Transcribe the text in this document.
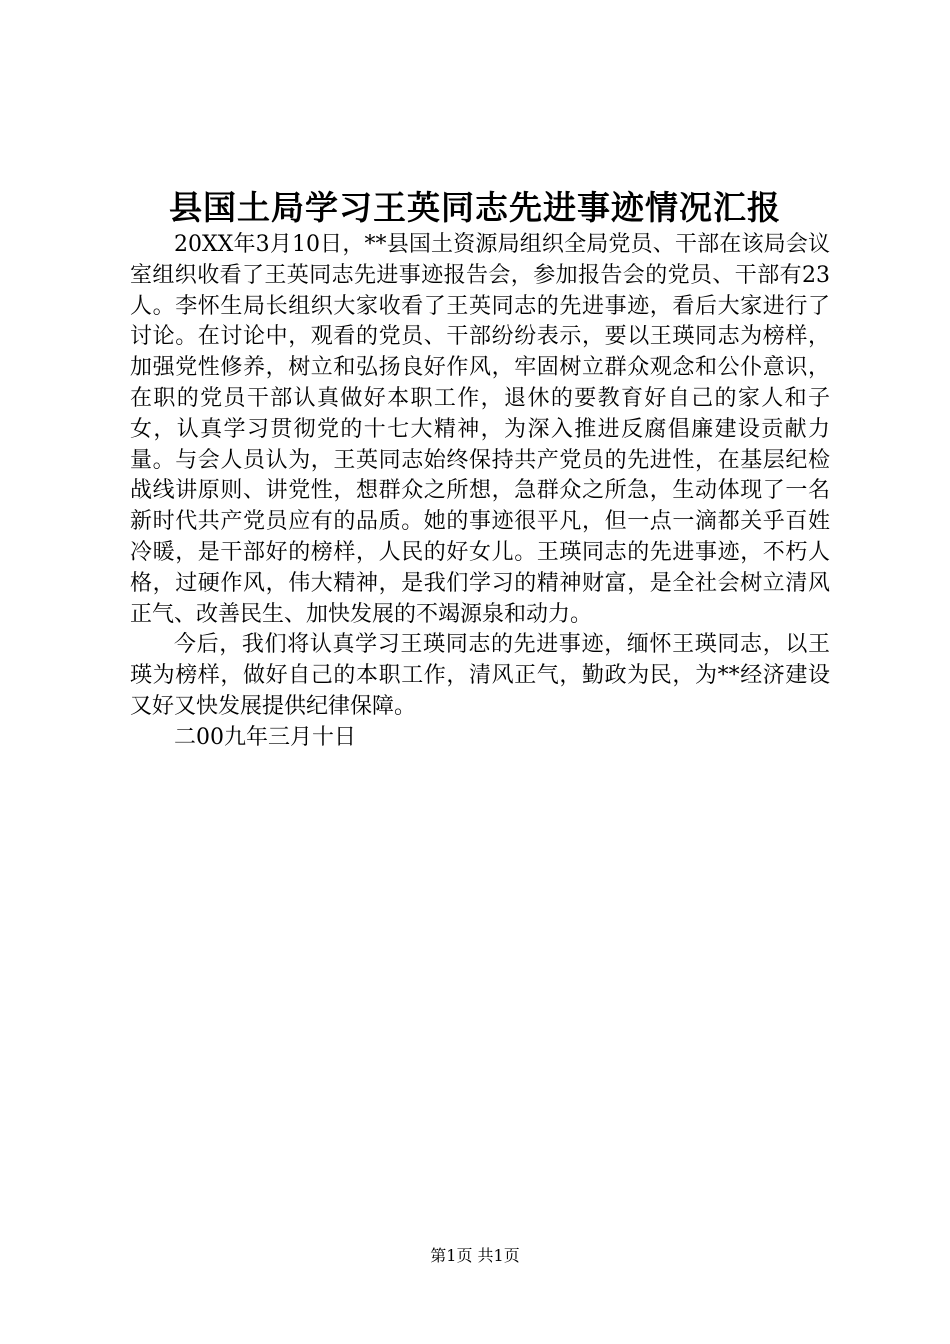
县国土局学习王英同志先进事迹情况汇报

20XX年3月10日，**县国土资源局组织全局党员、干部在该局会议室组织收看了王英同志先进事迹报告会，参加报告会的党员、干部有23人。李怀生局长组织大家收看了王英同志的先进事迹，看后大家进行了讨论。在讨论中，观看的党员、干部纷纷表示，要以王瑛同志为榜样，加强党性修养，树立和弘扬良好作风，牢固树立群众观念和公仆意识，在职的党员干部认真做好本职工作，退休的要教育好自己的家人和子女，认真学习贯彻党的十七大精神，为深入推进反腐倡廉建设贡献力量。与会人员认为，王英同志始终保持共产党员的先进性，在基层纪检战线讲原则、讲党性，想群众之所想，急群众之所急，生动体现了一名新时代共产党员应有的品质。她的事迹很平凡，但一点一滴都关乎百姓冷暖，是干部好的榜样，人民的好女儿。王瑛同志的先进事迹，不朽人格，过硬作风，伟大精神，是我们学习的精神财富，是全社会树立清风正气、改善民生、加快发展的不竭源泉和动力。

今后，我们将认真学习王瑛同志的先进事迹，缅怀王瑛同志，以王瑛为榜样，做好自己的本职工作，清风正气，勤政为民，为**经济建设又好又快发展提供纪律保障。

二00九年三月十日

第1页 共1页
